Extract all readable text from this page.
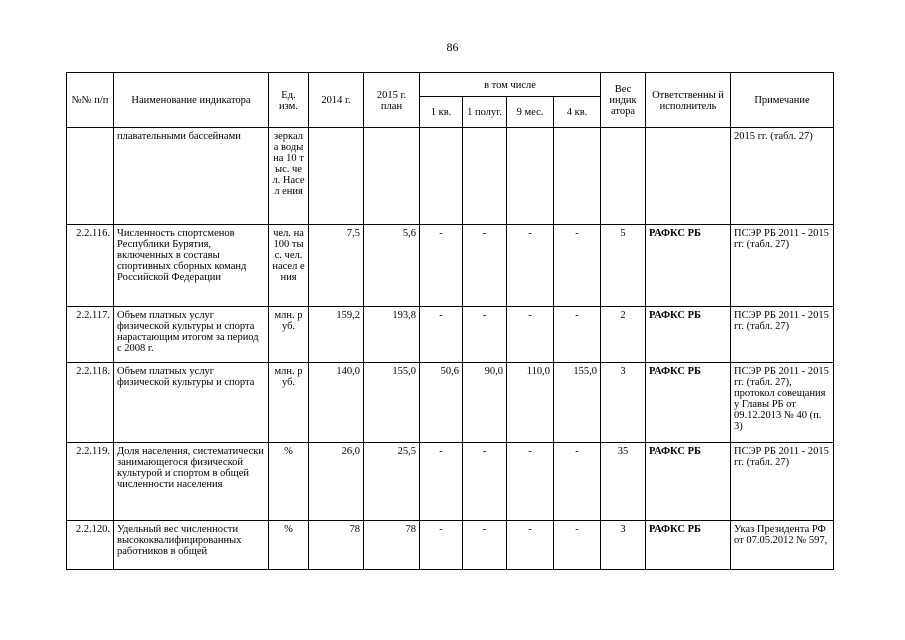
86
№№ п/п	Наименование индикатора	Ед. изм.	2014 г.	2015 г. план	в том числе				Вес индик атора	Ответственны й исполнитель	Примечание
					1 кв.	1 полуг.	9 мес.	4 кв.			
	плавательными бассейнами	зеркал а воды на 10 тыс. чел. Насел ения									2015 гг. (табл. 27)
2.2.116.	Численность спортсменов Республики Бурятия, включенных в составы спортивных сборных команд Российской Федерации	чел. на 100 тыс. чел. насел ения	7,5	5,6	-	-	-	-	5	РАФКС РБ	ПСЭР РБ 2011 - 2015 гг. (табл. 27)
2.2.117.	Объем платных услуг физической культуры и спорта нарастающим итогом за период с 2008 г.	млн. руб.	159,2	193,8	-	-	-	-	2	РАФКС РБ	ПСЭР РБ 2011 - 2015 гг. (табл. 27)
2.2.118.	Объем платных услуг физической культуры и спорта	млн. руб.	140,0	155,0	50,6	90,0	110,0	155,0	3	РАФКС РБ	ПСЭР РБ 2011 - 2015 гг. (табл. 27), протокол совещания у Главы РБ от 09.12.2013 № 40 (п. 3)
2.2.119.	Доля населения, систематически занимающегося физической культурой и спортом в общей численности населения	%	26,0	25,5	-	-	-	-	35	РАФКС РБ	ПСЭР РБ 2011 - 2015 гг. (табл. 27)
2.2.120.	Удельный вес численности высококвалифицированных работников в общей	%	78	78	-	-	-	-	3	РАФКС РБ	Указ Президента РФ от 07.05.2012 № 597,
